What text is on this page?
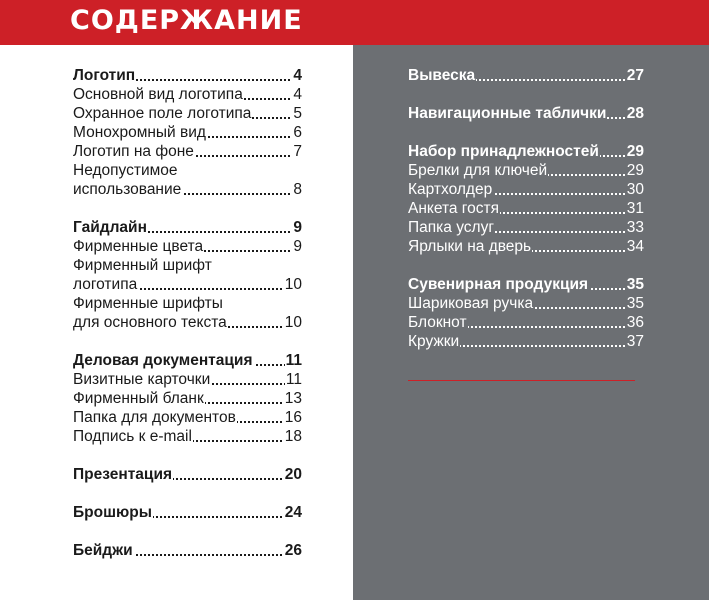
СОДЕРЖАНИЕ
Логотип	4
Основной вид логотипа	4
Охранное поле логотипа	5
Монохромный вид	6
Логотип на фоне	7
Недопустимое
использование	8
Гайдлайн	9
Фирменные цвета	9
Фирменный шрифт
логотипа	10
Фирменные шрифты
для основного текста	10
Деловая документация 11
Визитные карточки	11
Фирменный бланк	13
Папка для документов	16
Подпись к e-mail	18
Презентация	20
Брошюры	24
Бейджи	26
Вывеска	27
Навигационные таблички 28
Набор принадлежностей 29
Брелки для ключей	29
Картхолдер	30
Анкета гостя	31
Папка услуг	33
Ярлыки на дверь	34
Сувенирная продукция 35
Шариковая ручка	35
Блокнот	36
Кружки	37
